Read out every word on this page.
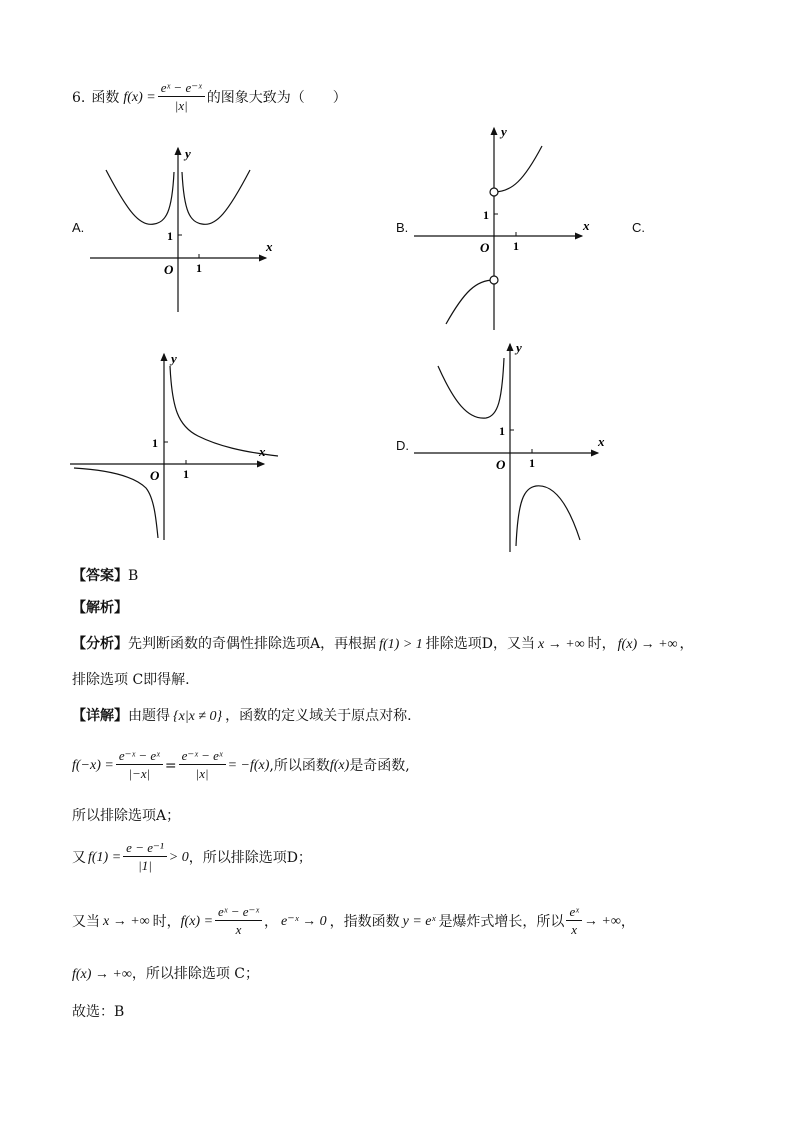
6. 函数 $f(x) = \frac{\text{eˣ − e⁻ˣ}}{|x|}$ 的图象大致为（　　）
A.	B.	C.
D.
y
x
O
1
1
y
x
O
1
1
y
x
O
1
1
y
x
O
1
1
【答案】B
【解析】
【分析】先判断函数的奇偶性排除选项A，再根据 f(1) > 1 排除选项D，又当 x → +∞ 时， f(x) → +∞ ，
排除选项 C即得解.
【详解】由题得 {x|x ≠ 0} ，函数的定义域关于原点对称.
$f(-x) = \frac{\text{e⁻ˣ − eˣ}}{|-x|} = \frac{\text{e⁻ˣ − eˣ}}{|x|} = -f(x)$ ,所以函数 f(x) 是奇函数,
所以排除选项A；
又 $f(1) = \frac{\text{e − e⁻¹}}{|1|} > 0$ ，所以排除选项D；
又当 x → +∞ 时， $f(x) = \frac{\text{eˣ − e⁻ˣ}}{x}$ ， e⁻ˣ → 0 ，指数函数 y = eˣ 是爆炸式增长，所以 $\frac{\text{eˣ}}{x}$ → +∞ ，
f(x) → +∞，所以排除选项 C；
故选：B
